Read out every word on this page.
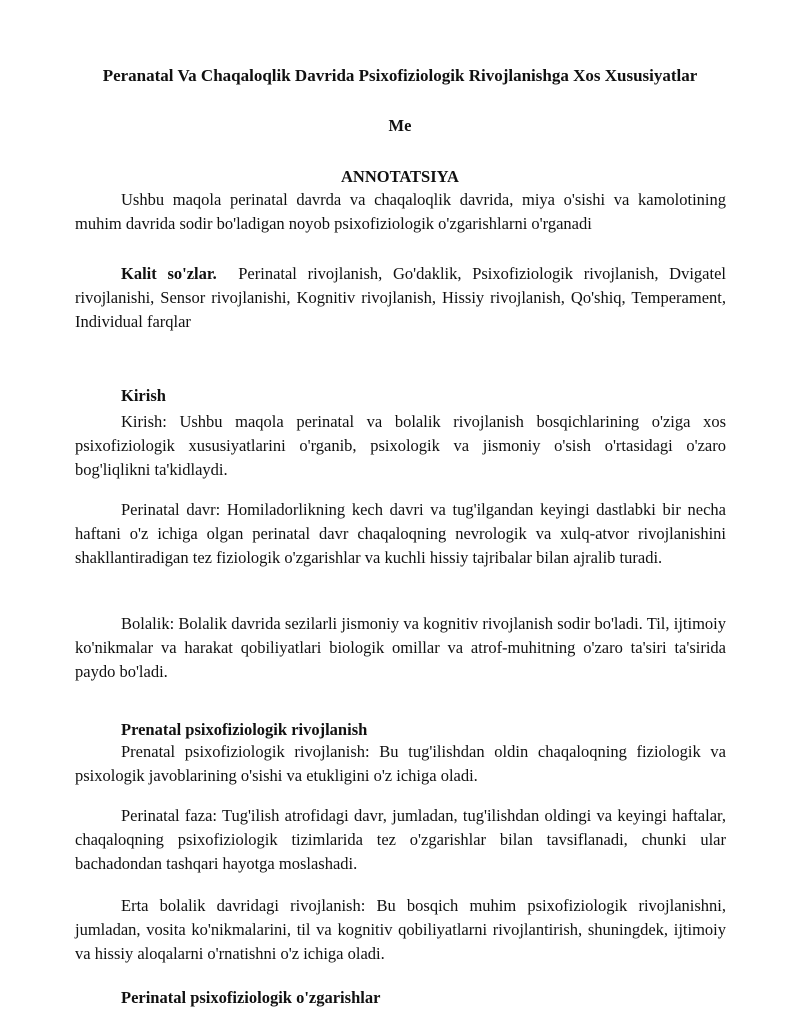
Peranatal Va Chaqaloqlik Davrida Psixofiziologik Rivojlanishga Xos Xususiyatlar
Me
ANNOTATSIYA

Ushbu maqola perinatal davrda va chaqaloqlik davrida, miya o'sishi va kamolotining muhim davrida sodir bo'ladigan noyob psixofiziologik o'zgarishlarni o'rganadi

Kalit so'zlar. Perinatal rivojlanish, Go'daklik, Psixofiziologik rivojlanish, Dvigatel rivojlanishi, Sensor rivojlanishi, Kognitiv rivojlanish, Hissiy rivojlanish, Qo'shiq, Temperament, Individual farqlar

Kirish

Kirish: Ushbu maqola perinatal va bolalik rivojlanish bosqichlarining o'ziga xos psixofiziologik xususiyatlarini o'rganib, psixologik va jismoniy o'sish o'rtasidagi o'zaro bog'liqlikni ta'kidlaydi.

Perinatal davr: Homiladorlikning kech davri va tug'ilgandan keyingi dastlabki bir necha haftani o'z ichiga olgan perinatal davr chaqaloqning nevrologik va xulq-atvor rivojlanishini shakllantiradigan tez fiziologik o'zgarishlar va kuchli hissiy tajribalar bilan ajralib turadi.

Bolalik: Bolalik davrida sezilarli jismoniy va kognitiv rivojlanish sodir bo'ladi. Til, ijtimoiy ko'nikmalar va harakat qobiliyatlari biologik omillar va atrof-muhitning o'zaro ta'siri ta'sirida paydo bo'ladi.

Prenatal psixofiziologik rivojlanish

Prenatal psixofiziologik rivojlanish: Bu tug'ilishdan oldin chaqaloqning fiziologik va psixologik javoblarining o'sishi va etukligini o'z ichiga oladi.

Perinatal faza: Tug'ilish atrofidagi davr, jumladan, tug'ilishdan oldingi va keyingi haftalar, chaqaloqning psixofiziologik tizimlarida tez o'zgarishlar bilan tavsiflanadi, chunki ular bachadondan tashqari hayotga moslashadi.

Erta bolalik davridagi rivojlanish: Bu bosqich muhim psixofiziologik rivojlanishni, jumladan, vosita ko'nikmalarini, til va kognitiv qobiliyatlarni rivojlantirish, shuningdek, ijtimoiy va hissiy aloqalarni o'rnatishni o'z ichiga oladi.

Perinatal psixofiziologik o'zgarishlar
